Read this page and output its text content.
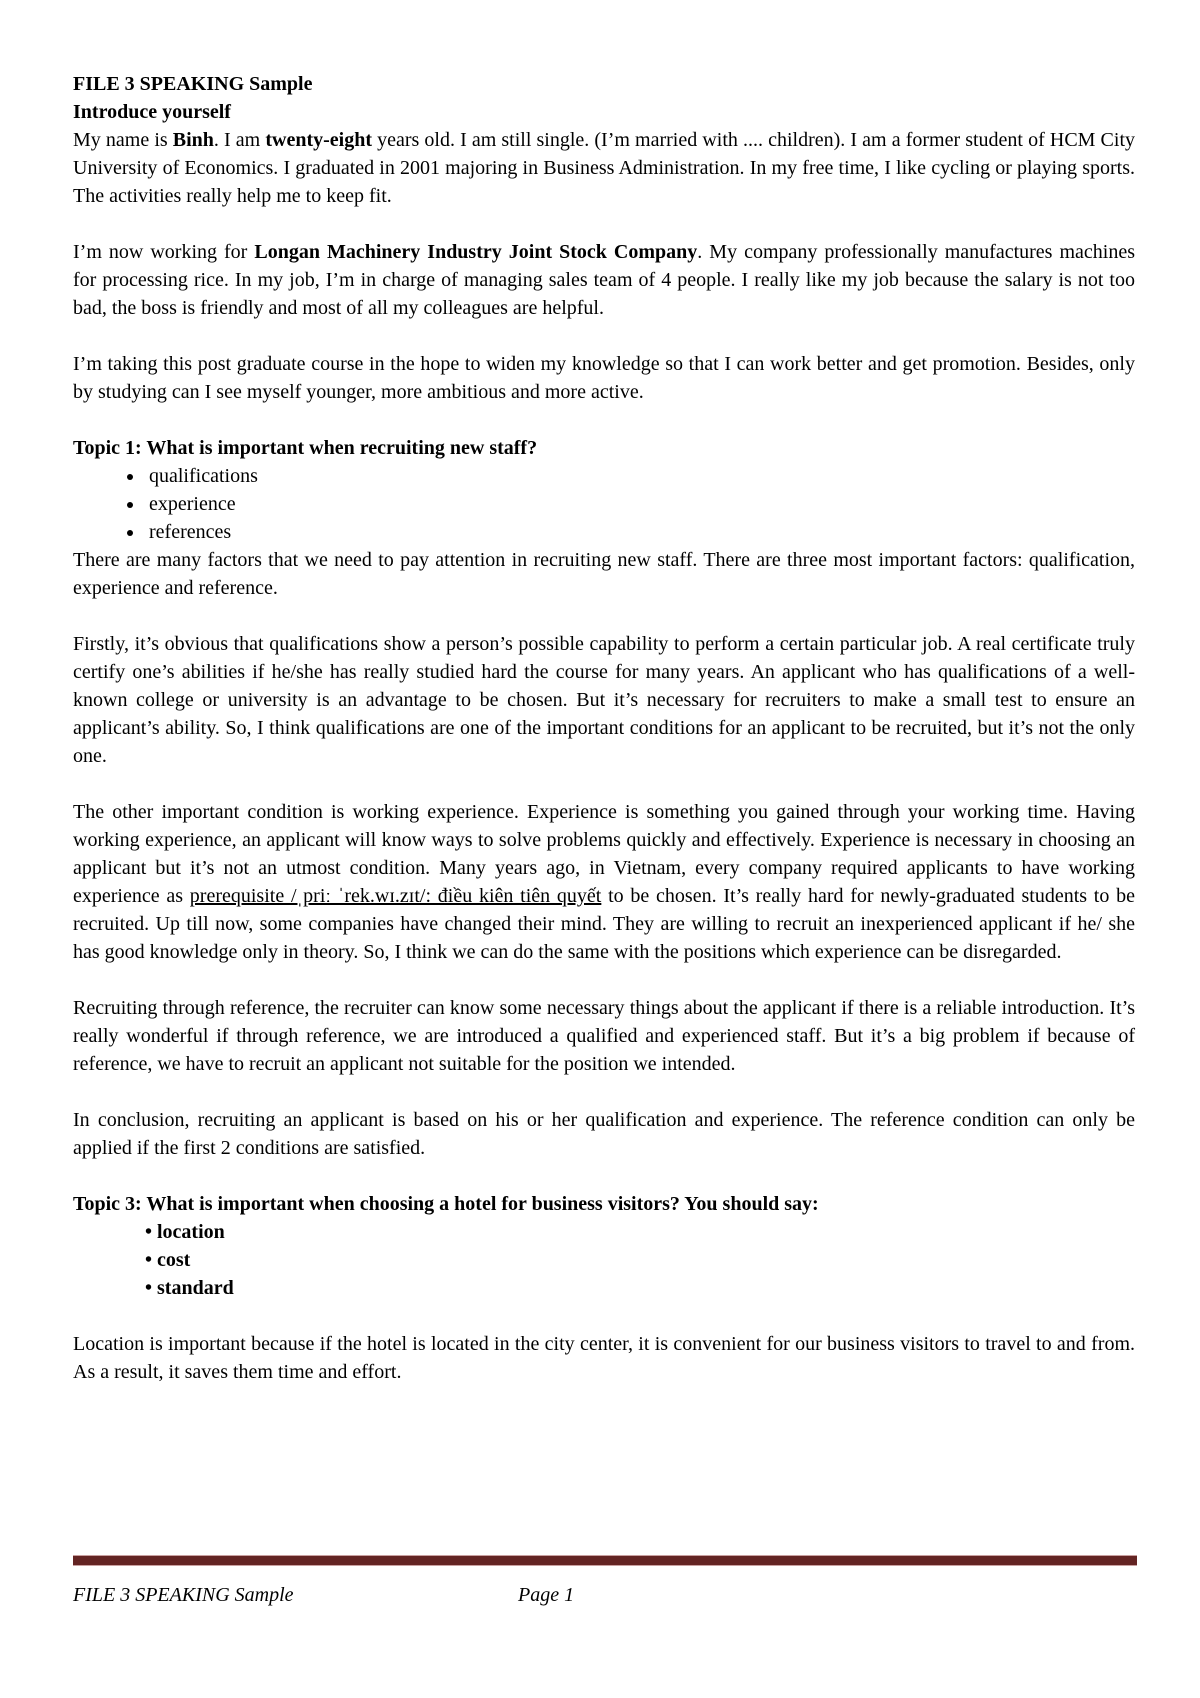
FILE 3 SPEAKING Sample

Introduce yourself

My name is Binh. I am twenty-eight years old. I am still single. (I’m married with .... children). I am a former student of HCM City University of Economics. I graduated in 2001 majoring in Business Administration. In my free time, I like cycling or playing sports. The activities really help me to keep fit.

I’m now working for Longan Machinery Industry Joint Stock Company. My company professionally manufactures machines for processing rice. In my job, I’m in charge of managing sales team of 4 people. I really like my job because the salary is not too bad, the boss is friendly and most of all my colleagues are helpful.

I’m taking this post graduate course in the hope to widen my knowledge so that I can work better and get promotion. Besides, only by studying can I see myself younger, more ambitious and more active.

Topic 1: What is important when recruiting new staff?

• qualifications
• experience
• references

There are many factors that we need to pay attention in recruiting new staff. There are three most important factors: qualification, experience and reference.

Firstly, it’s obvious that qualifications show a person’s possible capability to perform a certain particular job. A real certificate truly certify one’s abilities if he/she has really studied hard the course for many years. An applicant who has qualifications of a well-known college or university is an advantage to be chosen. But it’s necessary for recruiters to make a small test to ensure an applicant’s ability. So, I think qualifications are one of the important conditions for an applicant to be recruited, but it’s not the only one.

The other important condition is working experience. Experience is something you gained through your working time. Having working experience, an applicant will know ways to solve problems quickly and effectively. Experience is necessary in choosing an applicant but it’s not an utmost condition. Many years ago, in Vietnam, every company required applicants to have working experience as prerequisite /ˌpriː ˈrek.wɪ.zɪt/: điều kiên tiên quyết to be chosen. It’s really hard for newly-graduated students to be recruited. Up till now, some companies have changed their mind. They are willing to recruit an inexperienced applicant if he/ she has good knowledge only in theory. So, I think we can do the same with the positions which experience can be disregarded.

Recruiting through reference, the recruiter can know some necessary things about the applicant if there is a reliable introduction. It’s really wonderful if through reference, we are introduced a qualified and experienced staff. But it’s a big problem if because of reference, we have to recruit an applicant not suitable for the position we intended.

In conclusion, recruiting an applicant is based on his or her qualification and experience. The reference condition can only be applied if the first 2 conditions are satisfied.

Topic 3: What is important when choosing a hotel for business visitors? You should say:

• location
• cost
• standard

Location is important because if the hotel is located in the city center, it is convenient for our business visitors to travel to and from. As a result, it saves them time and effort.

FILE 3 SPEAKING Sample	Page 1
